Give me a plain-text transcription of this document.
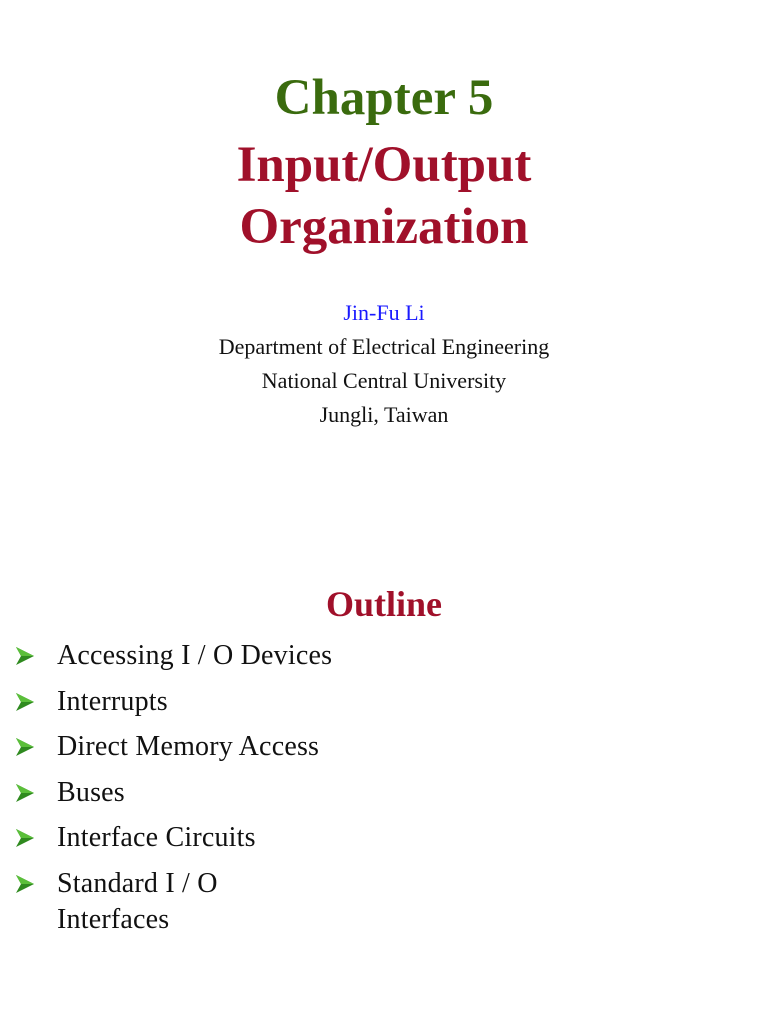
Chapter 5
Input/Output
Organization
Jin-Fu Li
Department of Electrical Engineering
National Central University
Jungli, Taiwan
Outline
Accessing I / O Devices
Interrupts
Direct Memory Access
Buses
Interface Circuits
Standard I / O
Interfaces
